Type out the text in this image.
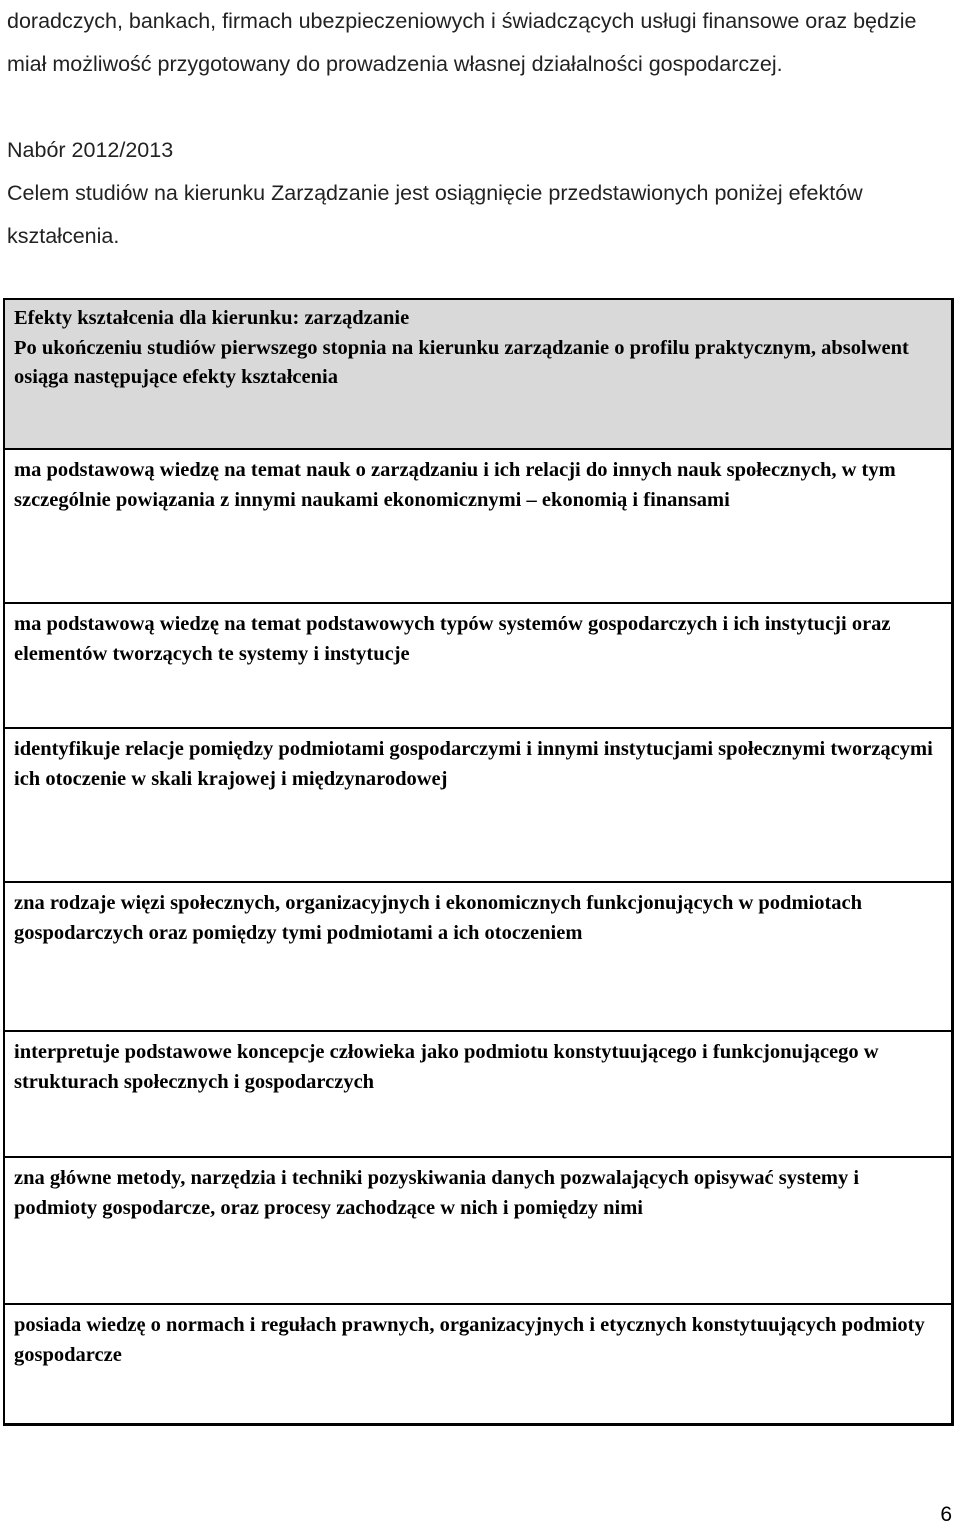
doradczych, bankach, firmach ubezpieczeniowych i świadczących usługi finansowe oraz będzie miał możliwość przygotowany do prowadzenia własnej działalności gospodarczej.

Nabór 2012/2013

Celem studiów na kierunku Zarządzanie jest osiągnięcie przedstawionych poniżej efektów kształcenia.

Efekty kształcenia dla kierunku: zarządzanie
Po ukończeniu studiów pierwszego stopnia na kierunku zarządzanie o profilu praktycznym, absolwent osiąga następujące efekty kształcenia
ma podstawową wiedzę na temat nauk o zarządzaniu i ich relacji do innych nauk społecznych, w tym szczególnie powiązania z innymi naukami ekonomicznymi – ekonomią i finansami
ma podstawową wiedzę na temat podstawowych typów systemów gospodarczych i ich instytucji oraz elementów tworzących te systemy i instytucje
identyfikuje relacje pomiędzy podmiotami gospodarczymi i innymi instytucjami społecznymi tworzącymi ich otoczenie w skali krajowej i międzynarodowej
zna rodzaje więzi społecznych, organizacyjnych i ekonomicznych funkcjonujących w podmiotach gospodarczych oraz pomiędzy tymi podmiotami a ich otoczeniem
interpretuje podstawowe koncepcje człowieka jako podmiotu konstytuującego i funkcjonującego w strukturach społecznych i gospodarczych
zna główne metody, narzędzia i techniki pozyskiwania danych pozwalających opisywać systemy i podmioty gospodarcze, oraz procesy zachodzące w nich i pomiędzy nimi
posiada wiedzę o normach i regułach prawnych, organizacyjnych i etycznych konstytuujących podmioty gospodarcze
6
